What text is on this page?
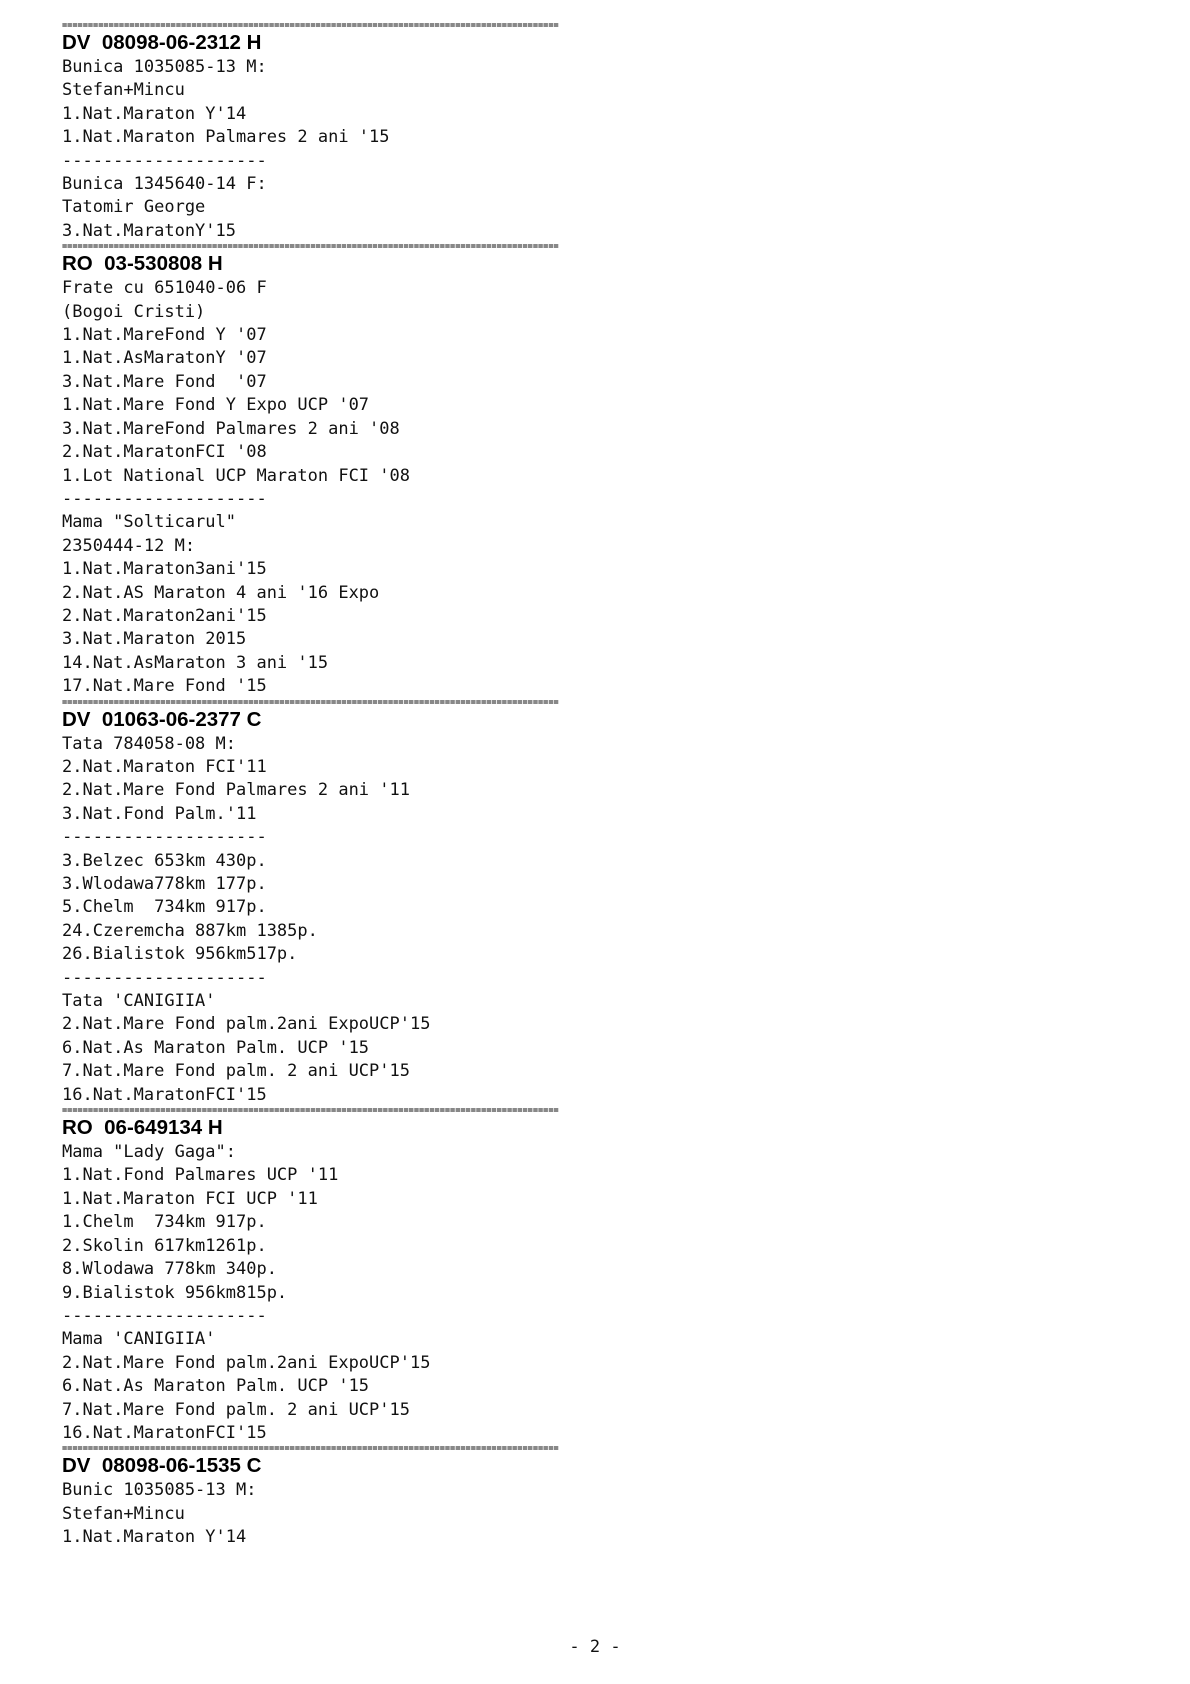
================================================================================================
DV  08098-06-2312 H
Bunica 1035085-13 M:
Stefan+Mincu
1.Nat.Maraton Y'14
1.Nat.Maraton Palmares 2 ani '15
--------------------
Bunica 1345640-14 F:
Tatomir George
3.Nat.MaratonY'15
================================================================================================
RO  03-530808 H
Frate cu 651040-06 F
(Bogoi Cristi)
1.Nat.MareFond Y '07
1.Nat.AsMaratonY '07
3.Nat.Mare Fond  '07
1.Nat.Mare Fond Y Expo UCP '07
3.Nat.MareFond Palmares 2 ani '08
2.Nat.MaratonFCI '08
1.Lot National UCP Maraton FCI '08
--------------------
Mama "Solticarul"
2350444-12 M:
1.Nat.Maraton3ani'15
2.Nat.AS Maraton 4 ani '16 Expo
2.Nat.Maraton2ani'15
3.Nat.Maraton 2015
14.Nat.AsMaraton 3 ani '15
17.Nat.Mare Fond '15
================================================================================================
DV  01063-06-2377 C
Tata 784058-08 M:
2.Nat.Maraton FCI'11
2.Nat.Mare Fond Palmares 2 ani '11
3.Nat.Fond Palm.'11
--------------------
3.Belzec 653km 430p.
3.Wlodawa778km 177p.
5.Chelm  734km 917p.
24.Czeremcha 887km 1385p.
26.Bialistok 956km517p.
--------------------
Tata 'CANIGIIA'
2.Nat.Mare Fond palm.2ani ExpoUCP'15
6.Nat.As Maraton Palm. UCP '15
7.Nat.Mare Fond palm. 2 ani UCP'15
16.Nat.MaratonFCI'15
================================================================================================
RO  06-649134 H
Mama "Lady Gaga":
1.Nat.Fond Palmares UCP '11
1.Nat.Maraton FCI UCP '11
1.Chelm  734km 917p.
2.Skolin 617km1261p.
8.Wlodawa 778km 340p.
9.Bialistok 956km815p.
--------------------
Mama 'CANIGIIA'
2.Nat.Mare Fond palm.2ani ExpoUCP'15
6.Nat.As Maraton Palm. UCP '15
7.Nat.Mare Fond palm. 2 ani UCP'15
16.Nat.MaratonFCI'15
================================================================================================
DV  08098-06-1535 C
Bunic 1035085-13 M:
Stefan+Mincu
1.Nat.Maraton Y'14
- 2 -
